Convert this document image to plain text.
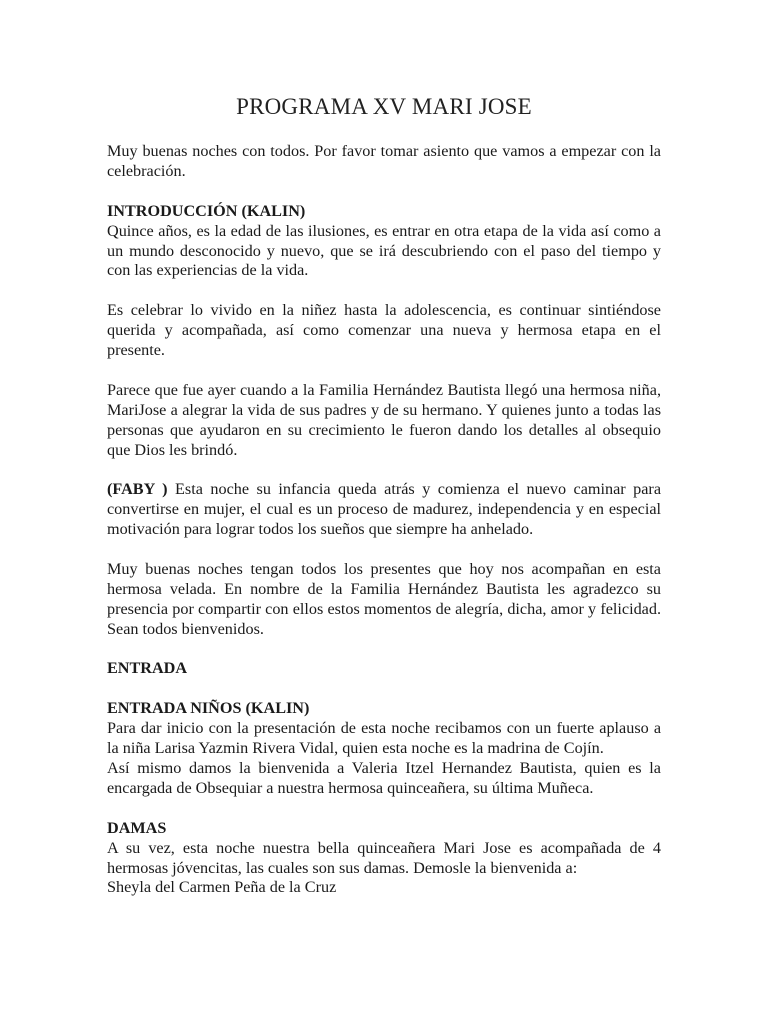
PROGRAMA XV MARI JOSE

Muy buenas noches con todos. Por favor tomar asiento que vamos a empezar con la celebración.

INTRODUCCIÓN (KALIN)
Quince años, es la edad de las ilusiones, es entrar en otra etapa de la vida así como a un mundo desconocido y nuevo, que se irá descubriendo con el paso del tiempo y con las experiencias de la vida.

Es celebrar lo vivido en la niñez hasta la adolescencia, es continuar sintiéndose querida y acompañada, así como comenzar una nueva y hermosa etapa en el presente.

Parece que fue ayer cuando a la Familia Hernández Bautista llegó una hermosa niña, MariJose a alegrar la vida de sus padres y de su hermano. Y quienes junto a todas las personas que ayudaron en su crecimiento le fueron dando los detalles al obsequio que Dios les brindó.

(FABY ) Esta noche su infancia queda atrás y comienza el nuevo caminar para convertirse en mujer, el cual es un proceso de madurez, independencia y en especial motivación para lograr todos los sueños que siempre ha anhelado.

Muy buenas noches tengan todos los presentes que hoy nos acompañan en esta hermosa velada. En nombre de la Familia Hernández Bautista les agradezco su presencia por compartir con ellos estos momentos de alegría, dicha, amor y felicidad. Sean todos bienvenidos.

ENTRADA

ENTRADA NIÑOS (KALIN)
Para dar inicio con la presentación de esta noche recibamos con un fuerte aplauso a la niña Larisa Yazmin Rivera Vidal, quien esta noche es la madrina de Cojín.
Así mismo damos la bienvenida a Valeria Itzel Hernandez Bautista, quien es la encargada de Obsequiar a nuestra hermosa quinceañera, su última Muñeca.
DAMAS
A su vez, esta noche nuestra bella quinceañera Mari Jose es acompañada de 4 hermosas jóvencitas, las cuales son sus damas. Demosle la bienvenida a:
Sheyla del Carmen Peña de la Cruz
